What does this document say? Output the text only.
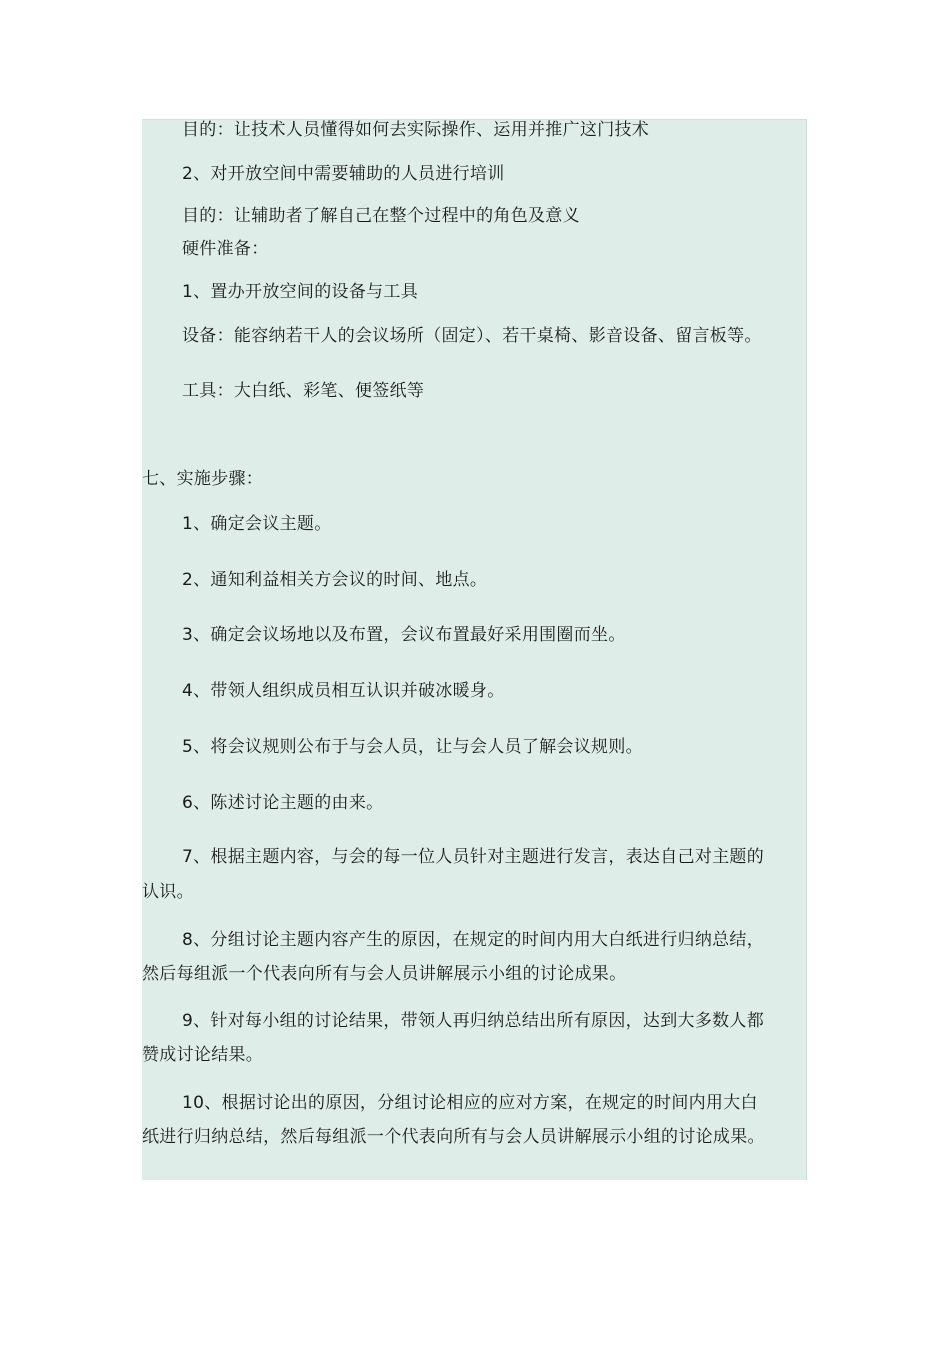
目的：让技术人员懂得如何去实际操作、运用并推广这门技术
2、对开放空间中需要辅助的人员进行培训
目的：让辅助者了解自己在整个过程中的角色及意义
硬件准备：
1、置办开放空间的设备与工具
设备：能容纳若干人的会议场所（固定）、若干桌椅、影音设备、留言板等。
工具：大白纸、彩笔、便签纸等
七、实施步骤：
1、确定会议主题。
2、通知利益相关方会议的时间、地点。
3、确定会议场地以及布置，会议布置最好采用围圈而坐。
4、带领人组织成员相互认识并破冰暖身。
5、将会议规则公布于与会人员，让与会人员了解会议规则。
6、陈述讨论主题的由来。
7、根据主题内容，与会的每一位人员针对主题进行发言，表达自己对主题的认识。
8、分组讨论主题内容产生的原因，在规定的时间内用大白纸进行归纳总结，然后每组派一个代表向所有与会人员讲解展示小组的讨论成果。
9、针对每小组的讨论结果，带领人再归纳总结出所有原因，达到大多数人都赞成讨论结果。
10、根据讨论出的原因，分组讨论相应的应对方案，在规定的时间内用大白纸进行归纳总结，然后每组派一个代表向所有与会人员讲解展示小组的讨论成果。
